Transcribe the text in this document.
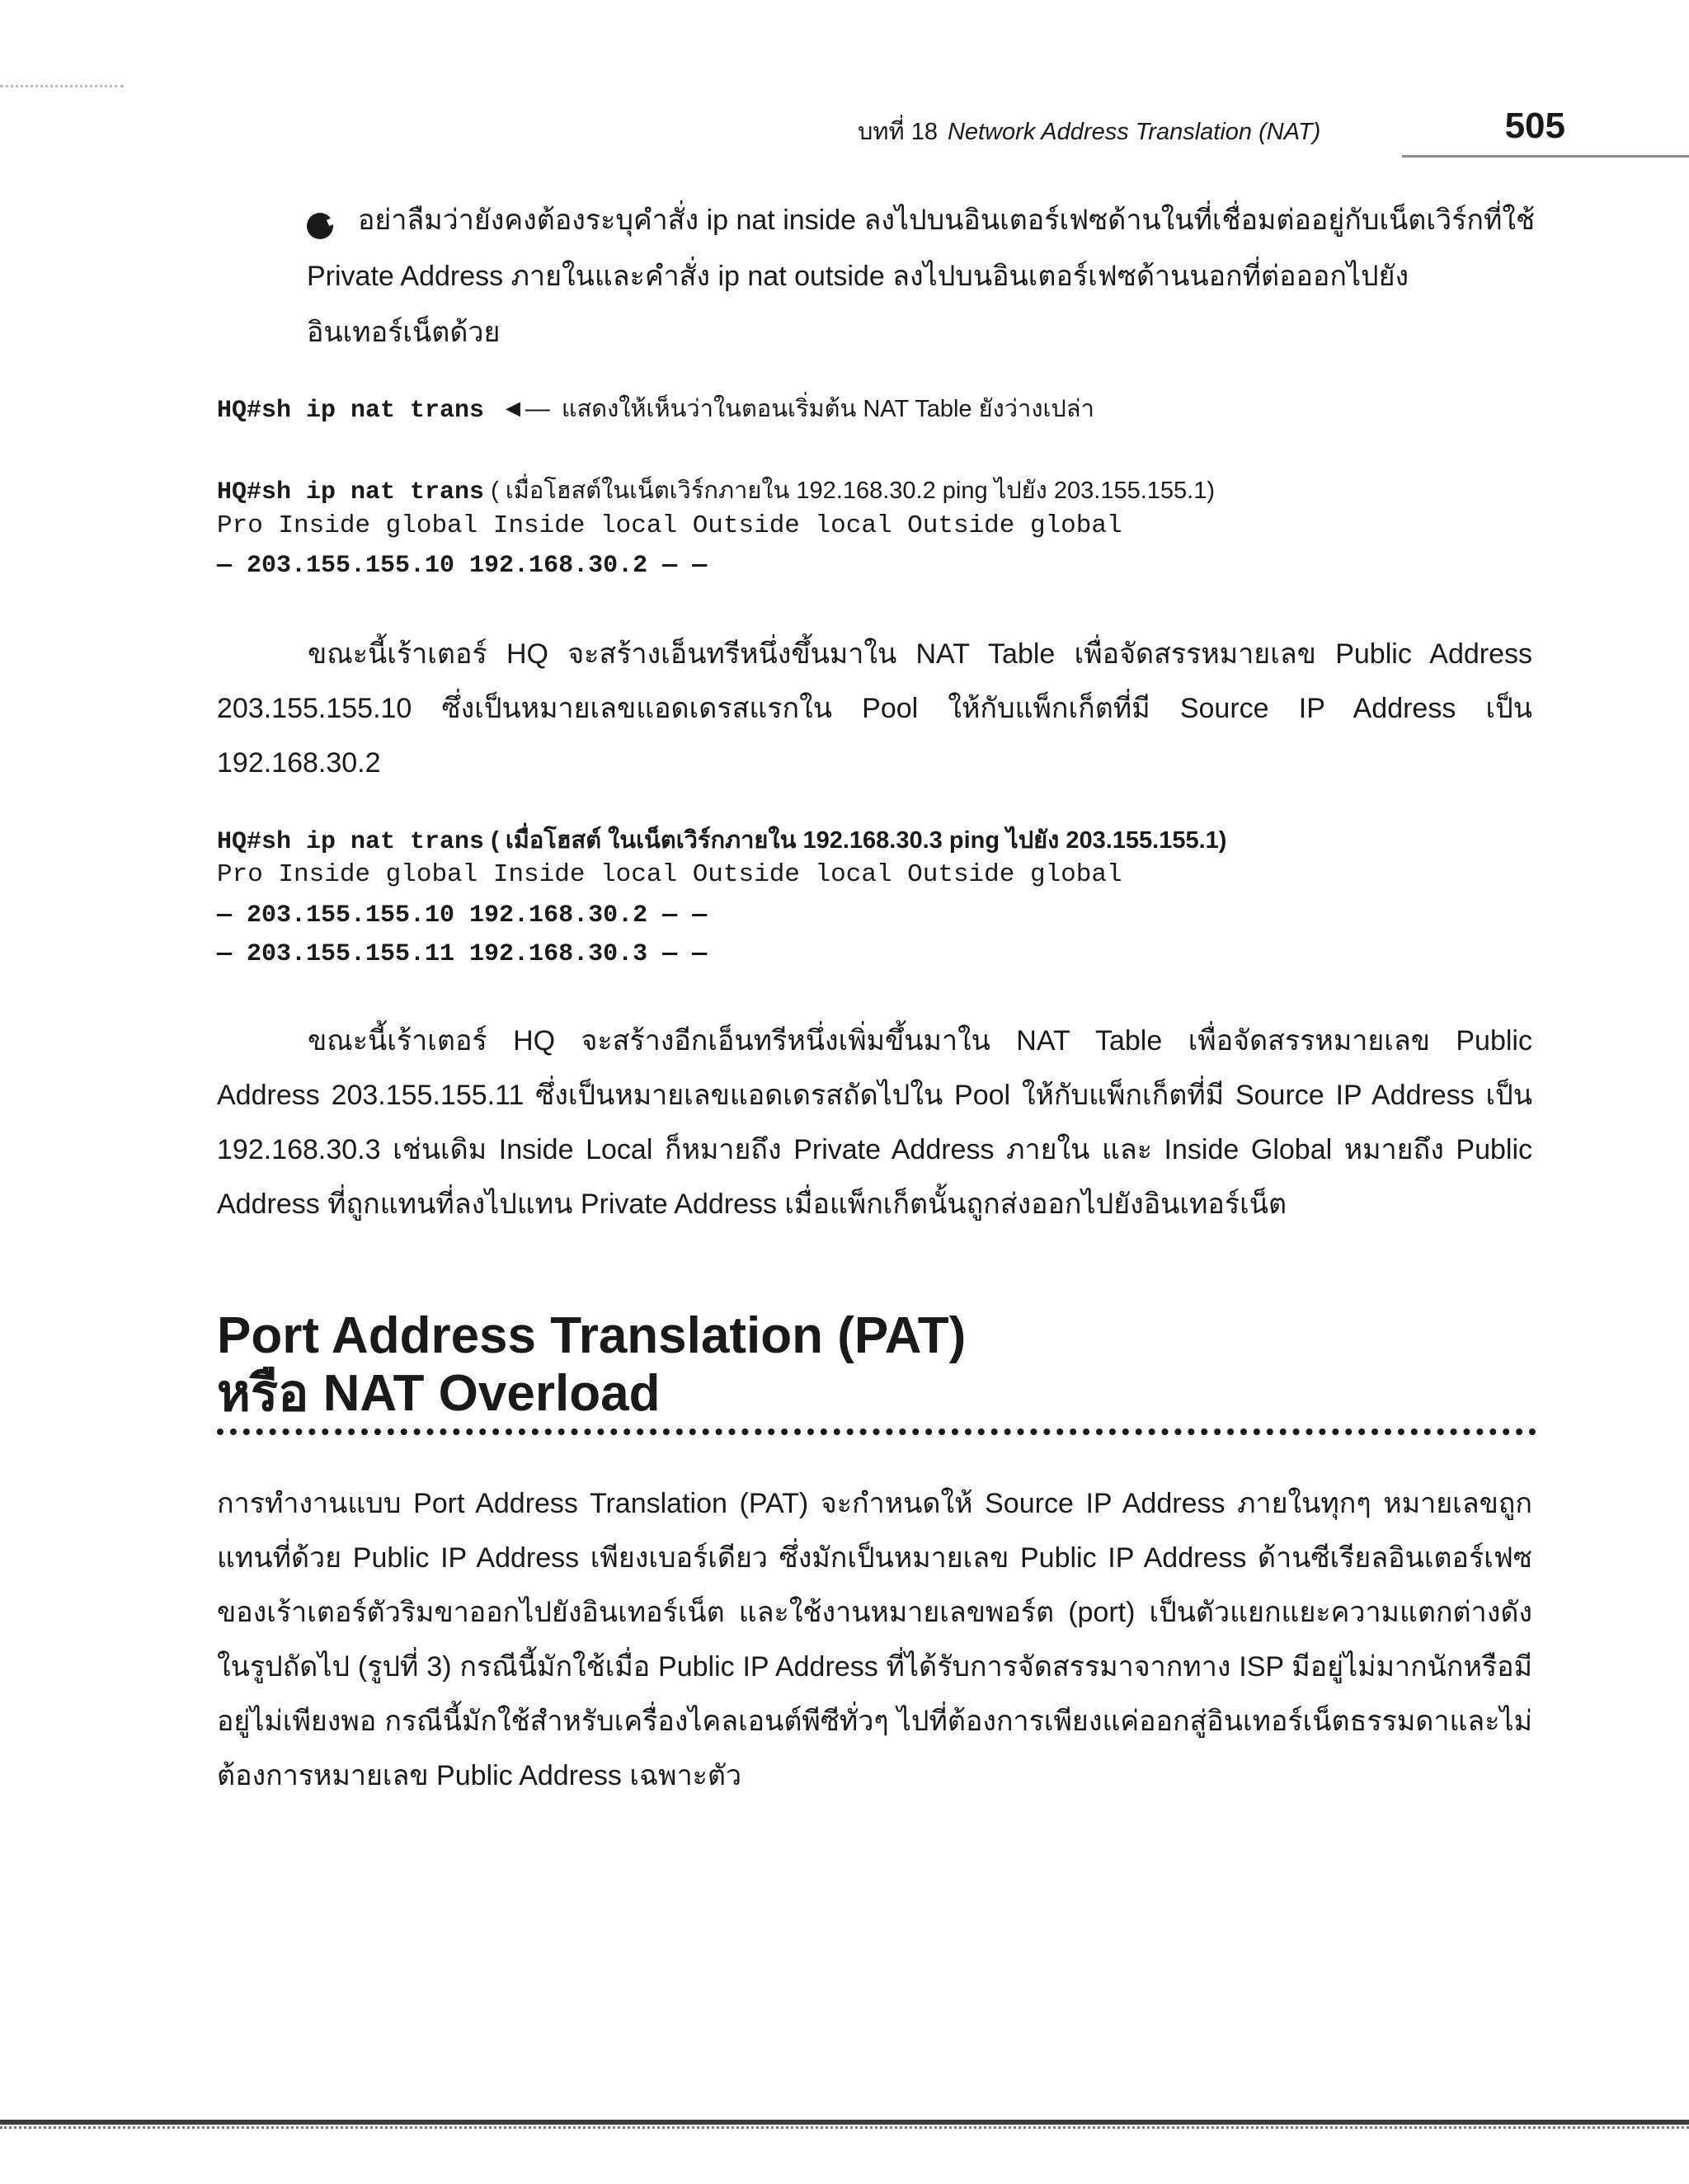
บทที่ 18 Network Address Translation (NAT)	505
อย่าลืมว่ายังคงต้องระบุคำสั่ง ip nat inside ลงไปบนอินเตอร์เฟซด้านในที่เชื่อมต่ออยู่กับเน็ตเวิร์กที่ใช้ Private Address ภายในและคำสั่ง ip nat outside ลงไปบนอินเตอร์เฟซด้านนอกที่ต่อออกไปยังอินเทอร์เน็ตด้วย
HQ#sh ip nat trans ◄— แสดงให้เห็นว่าในตอนเริ่มต้น NAT Table ยังว่างเปล่า
HQ#sh ip nat trans ( เมื่อโฮสต์ในเน็ตเวิร์กภายใน 192.168.30.2 ping ไปยัง 203.155.155.1)
Pro Inside global Inside local Outside local Outside global
— 203.155.155.10 192.168.30.2 — —
ขณะนี้เร้าเตอร์ HQ จะสร้างเอ็นทรีหนึ่งขึ้นมาใน NAT Table เพื่อจัดสรรหมายเลข Public Address 203.155.155.10 ซึ่งเป็นหมายเลขแอดเดรสแรกใน Pool ให้กับแพ็กเก็ตที่มี Source IP Address เป็น 192.168.30.2
HQ#sh ip nat trans ( เมื่อโฮสต์ ในเน็ตเวิร์กภายใน 192.168.30.3 ping ไปยัง 203.155.155.1)
Pro Inside global Inside local Outside local Outside global
— 203.155.155.10 192.168.30.2 — —
— 203.155.155.11 192.168.30.3 — —
ขณะนี้เร้าเตอร์ HQ จะสร้างอีกเอ็นทรีหนึ่งเพิ่มขึ้นมาใน NAT Table เพื่อจัดสรรหมายเลข Public Address 203.155.155.11 ซึ่งเป็นหมายเลขแอดเดรสถัดไปใน Pool ให้กับแพ็กเก็ตที่มี Source IP Address เป็น 192.168.30.3 เช่นเดิม Inside Local ก็หมายถึง Private Address ภายใน และ Inside Global หมายถึง Public Address ที่ถูกแทนที่ลงไปแทน Private Address เมื่อแพ็กเก็ตนั้นถูกส่งออกไปยังอินเทอร์เน็ต
Port Address Translation (PAT)
หรือ NAT Overload
การทำงานแบบ Port Address Translation (PAT) จะกำหนดให้ Source IP Address ภายในทุกๆ หมายเลขถูกแทนที่ด้วย Public IP Address เพียงเบอร์เดียว ซึ่งมักเป็นหมายเลข Public IP Address ด้านซีเรียลอินเตอร์เฟซของเร้าเตอร์ตัวริมขาออกไปยังอินเทอร์เน็ต และใช้งานหมายเลขพอร์ต (port) เป็นตัวแยกแยะความแตกต่างดังในรูปถัดไป (รูปที่ 3) กรณีนี้มักใช้เมื่อ Public IP Address ที่ได้รับการจัดสรรมาจากทาง ISP มีอยู่ไม่มากนักหรือมีอยู่ไม่เพียงพอ กรณีนี้มักใช้สำหรับเครื่องไคลเอนต์พีซีทั่วๆ ไปที่ต้องการเพียงแค่ออกสู่อินเทอร์เน็ตธรรมดาและไม่ต้องการหมายเลข Public Address เฉพาะตัว
